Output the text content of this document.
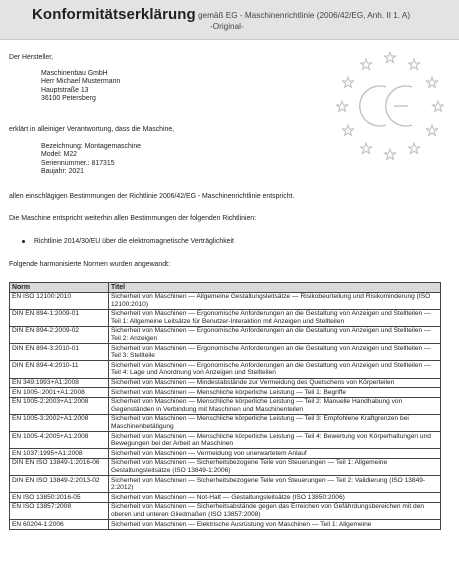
Konformitätserklärung gemäß EG - Maschinenrichtlinie (2006/42/EG, Anh. II 1. A)
-Original-
Der Hersteller,
Maschinenbau GmbH
Herr Michael Mustermann
Hauptstraße 13
36100 Petersberg
erklärt in alleiniger Verantwortung, dass die Maschine,
Bezeichnung: Montagemaschine
Model: M22
Seriennummer.: 817315
Baujahr: 2021
allen einschlägigen Bestimmungen der Richtlinie 2006/42/EG - Maschinenrichtlinie entspricht.
Die Maschine entspricht weiterhin allen Bestimmungen der folgenden Richtlinien:
Richtlinie 2014/30/EU über die elektromagnetische Verträglichkeit
Folgende harmonisierte Normen wurden angewandt:
Norm	Titel
EN ISO 12100:2010	Sicherheit von Maschinen — Allgemeine Gestaltungsleitsätze — Risikobeurteilung und Risikominderung (ISO 12100:2010)
DIN EN 894-1:2009-01	Sicherheit von Maschinen — Ergonomische Anforderungen an die Gestaltung von Anzeigen und Stellteilen — Teil 1: Allgemeine Leitsätze für Benutzer-Interaktion mit Anzeigen und Stellteilen
DIN EN 894-2:2009-02	Sicherheit von Maschinen — Ergonomische Anforderungen an die Gestaltung von Anzeigen und Stellteilen — Teil 2: Anzeigen
DIN EN 894-3:2010-01	Sicherheit von Maschinen — Ergonomische Anforderungen an die Gestaltung von Anzeigen und Stellteilen — Teil 3: Stellteile
DIN EN 894-4:2010-11	Sicherheit von Maschinen — Ergonomische Anforderungen an die Gestaltung von Anzeigen und Stellteilen — Teil 4: Lage und Anordnung von Anzeigen und Stellteilen
EN 349:1993+A1:2008	Sicherheit von Maschinen — Mindestabstände zur Vermeidung des Quetschens von Körperteilen
EN 1005-:2001+A1:2008	Sicherheit von Maschinen — Menschliche körperliche Leistung — Teil 1: Begriffe
EN 1005-2:2003+A1:2008	Sicherheit von Maschinen — Menschliche körperliche Leistung — Teil 2: Manuelle Handhabung von Gegenständen in Verbindung mit Maschinen und Maschinenteilen
EN 1005-3:2002+A1:2008	Sicherheit von Maschinen — Menschliche körperliche Leistung — Teil 3: Empfohlene Kraftgrenzen bei Maschinenbetätigung
EN 1005-4:2005+A1:2008	Sicherheit von Maschinen — Menschliche körperliche Leistung — Teil 4: Bewertung von Körperhaltungen und Bewegungen bei der Arbeit an Maschinen
EN 1037:1995+A1:2008	Sicherheit von Maschinen — Vermeidung von unerwartetem Anlauf
DIN EN ISO 13849-1:2016-06	Sicherheit von Maschinen — Sicherheitsbezogene Teile von Steuerungen — Teil 1: Allgemeine Gestaltungsleitsätze (ISO 13849-1:2006)
DIN EN ISO 13849-2:2013-02	Sicherheit von Maschinen — Sicherheitsbezogene Teile von Steuerungen — Teil 2: Validierung (ISO 13849-2:2012)
EN ISO 13850:2016-05	Sicherheit von Maschinen — Not-Halt — Gestaltungsleitsätze (ISO 13850:2006)
EN ISO 13857:2008	Sicherheit von Maschinen — Sicherheitsabstände gegen das Erreichen von Gefährdungsbereichen mit den oberen und unteren Gliedmaßen (ISO 13857:2008)
EN 60204-1:2006	Sicherheit von Maschinen — Elektrische Ausrüstung von Maschinen — Teil 1: Allgemeine
